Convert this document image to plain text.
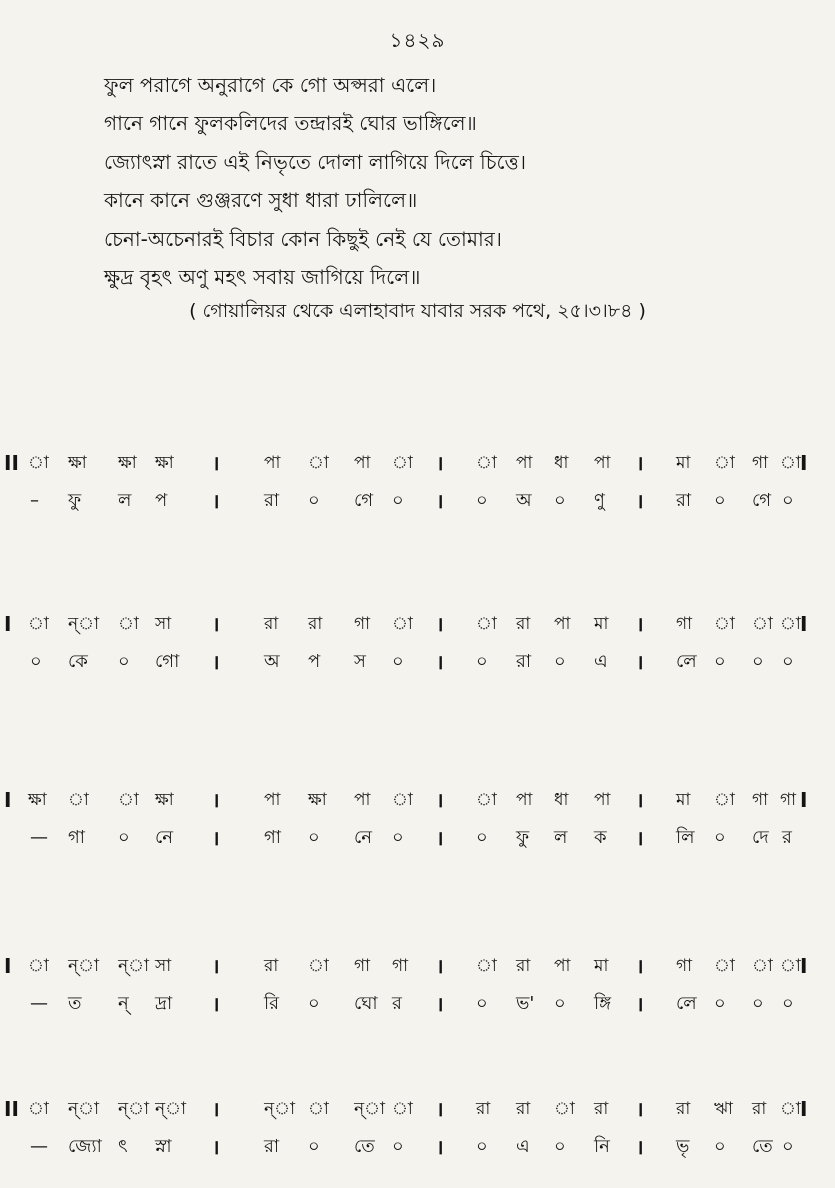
১৪২৯
ফুল পরাগে অনুরাগে কে গো অপ্সরা এলে।
গানে গানে ফুলকলিদের তন্দ্রারই ঘোর ভাঙ্গিলে॥
জ্যোৎস্না রাতে এই নিভৃতে দোলা লাগিয়ে দিলে চিত্তে।
কানে কানে গুঞ্জরণে সুধা ধারা ঢালিলে॥
চেনা-অচেনারই বিচার কোন কিছুই নেই যে তোমার।
ক্ষুদ্র বৃহৎ অণু মহৎ সবায় জাগিয়ে দিলে॥
( গোয়ালিয়র থেকে এলাহাবাদ যাবার সরক পথে, ২৫।৩।৮৪ )
II া ক্ষা ক্ষা ক্ষা ।	পা া পা া । া পা ধা পা । মা া গা া I
– ফু ল প । রা ০ গে ০ । ০ অ ০ ণু । রা ০ গে ০
I া ন্া া সা ।	রা রা গা া । া রা পা মা । গা া া া I
০ কে ০ গো । অ প স ০ । ০ রা ০ এ । লে ০ ০ ০
I ক্ষা া া ক্ষা ।	পা ক্ষা পা া । া পা ধা পা । মা া গা গা I
— গা ০ নে । গা ০ নে ০ । ০ ফু ল ক । লি ০ দে র
I া ন্া ন্া সা ।	রা া গা গা । া রা পা মা । গা া া া I
— ত ন্ দ্রা । রি ০ ঘো র । ০ ভ' ০ ঙ্গি । লে ০ ০ ০
II া ন্া ন্া ন্া ।	ন্া া ন্া া । রা রা া রা । রা ঋা রা া I
— জ্যো ৎ স্না । রা ০ তে ০ । ০ এ ০ নি । ভৃ ০ তে ০
